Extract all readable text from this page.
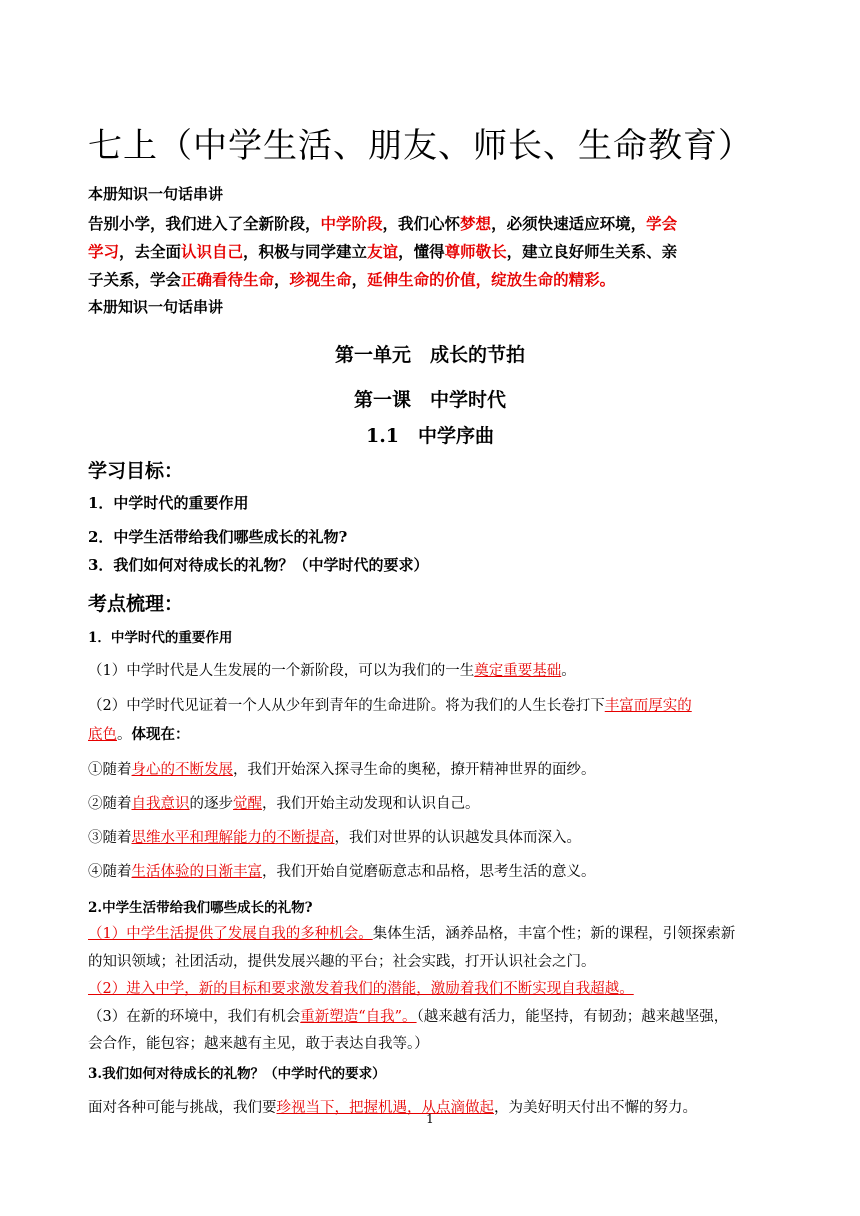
七上（中学生活、朋友、师长、生命教育）
本册知识一句话串讲
告别小学，我们进入了全新阶段，中学阶段，我们心怀梦想，必须快速适应环境，学会
学习，去全面认识自己，积极与同学建立友谊，懂得尊师敬长，建立良好师生关系、亲
子关系，学会正确看待生命，珍视生命，延伸生命的价值，绽放生命的精彩。
本册知识一句话串讲
第一单元　成长的节拍
第一课　中学时代
1.1　中学序曲
学习目标：
1．中学时代的重要作用
2．中学生活带给我们哪些成长的礼物?
3．我们如何对待成长的礼物？（中学时代的要求）
考点梳理：
1．中学时代的重要作用
（1）中学时代是人生发展的一个新阶段，可以为我们的一生奠定重要基础。
（2）中学时代见证着一个人从少年到青年的生命进阶。将为我们的人生长卷打下丰富而厚实的
底色。体现在：
①随着身心的不断发展，我们开始深入探寻生命的奥秘，撩开精神世界的面纱。
②随着自我意识的逐步觉醒，我们开始主动发现和认识自己。
③随着思维水平和理解能力的不断提高，我们对世界的认识越发具体而深入。
④随着生活体验的日渐丰富，我们开始自觉磨砺意志和品格，思考生活的意义。
2.中学生活带给我们哪些成长的礼物?
（1）中学生活提供了发展自我的多种机会。集体生活，涵养品格，丰富个性；新的课程，引领探索新
的知识领域；社团活动，提供发展兴趣的平台；社会实践，打开认识社会之门。
（2）进入中学，新的目标和要求激发着我们的潜能，激励着我们不断实现自我超越。
（3）在新的环境中，我们有机会重新塑造“自我”。（越来越有活力，能坚持，有韧劲；越来越坚强，
会合作，能包容；越来越有主见，敢于表达自我等。）
3.我们如何对待成长的礼物？（中学时代的要求）
面对各种可能与挑战，我们要珍视当下，把握机遇，从点滴做起，为美好明天付出不懈的努力。
1
